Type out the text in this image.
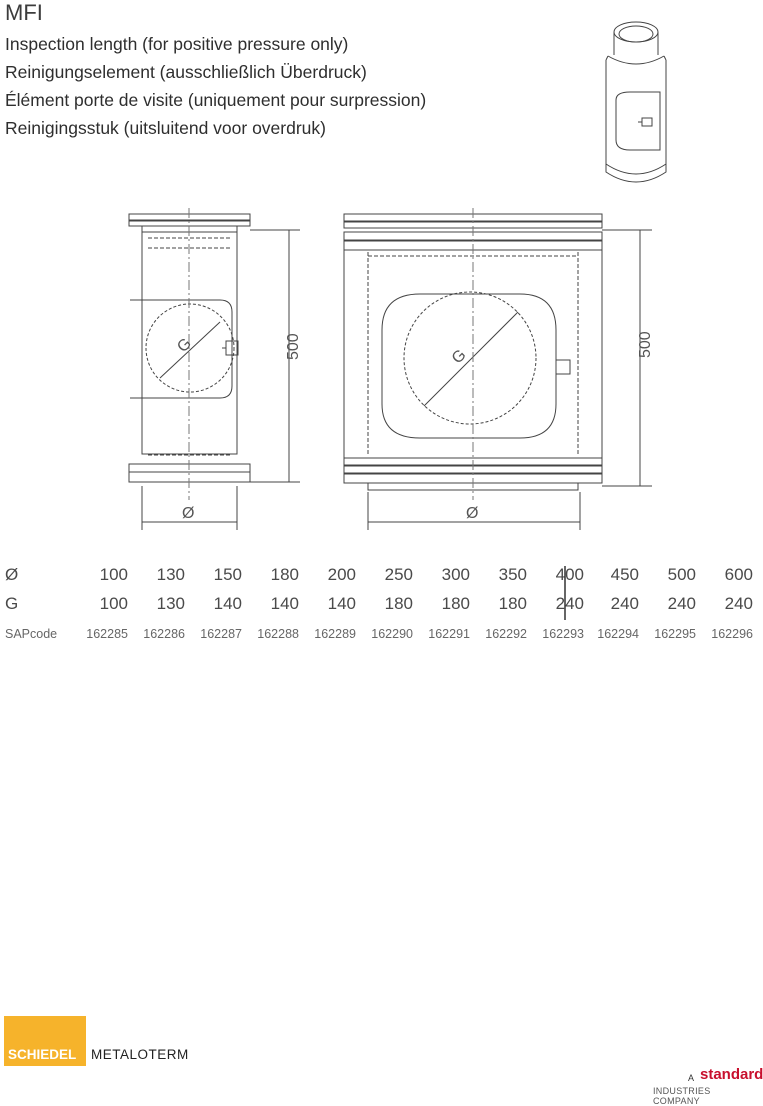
MFI
Inspection length (for positive pressure only)
Reinigungselement (ausschließlich Überdruck)
Élément porte de visite (uniquement pour surpression)
Reinigingsstuk (uitsluitend voor overdruk)
G	500
Ø
G	500
Ø
Ø	100	130	150	180	200	250	300	350	400	450	500	600
G	100	130	140	140	140	180	180	180	240	240	240	240
SAPcode	162285	162286	162287	162288	162289	162290	162291	162292	162293	162294	162295	162296
SCHIEDEL METALOTERM
A standard
INDUSTRIES COMPANY
